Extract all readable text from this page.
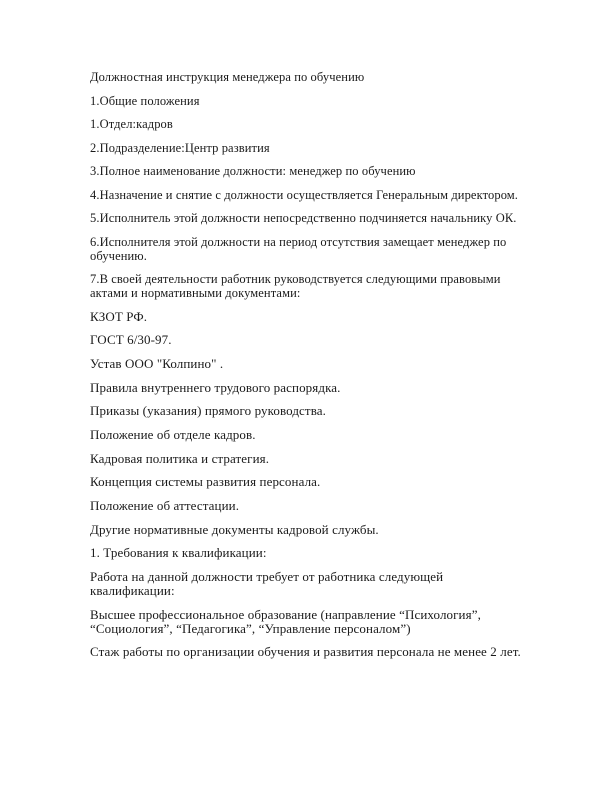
Должностная инструкция менеджера по обучению

1.Общие положения

1.Отдел:кадров

2.Подразделение:Центр развития

3.Полное наименование должности: менеджер по обучению

4.Назначение и снятие с должности осуществляется Генеральным директором.

5.Исполнитель этой должности непосредственно подчиняется начальнику ОК.

6.Исполнителя этой должности на период отсутствия замещает менеджер по обучению.

7.В своей деятельности работник руководствуется следующими правовыми актами и нормативными документами:

КЗОТ РФ.

ГОСТ 6/30-97.

Устав ООО "Колпино" .

Правила внутреннего трудового распорядка.

Приказы (указания) прямого руководства.

Положение об отделе кадров.

Кадровая политика и стратегия.

Концепция системы развития персонала.

Положение об аттестации.

Другие нормативные документы кадровой службы.

1. Требования к квалификации:

Работа на данной должности требует от работника следующей квалификации:

Высшее профессиональное образование (направление “Психология”, “Социология”, “Педагогика”, “Управление персоналом”)

Стаж работы по организации обучения и развития персонала не менее 2 лет.
